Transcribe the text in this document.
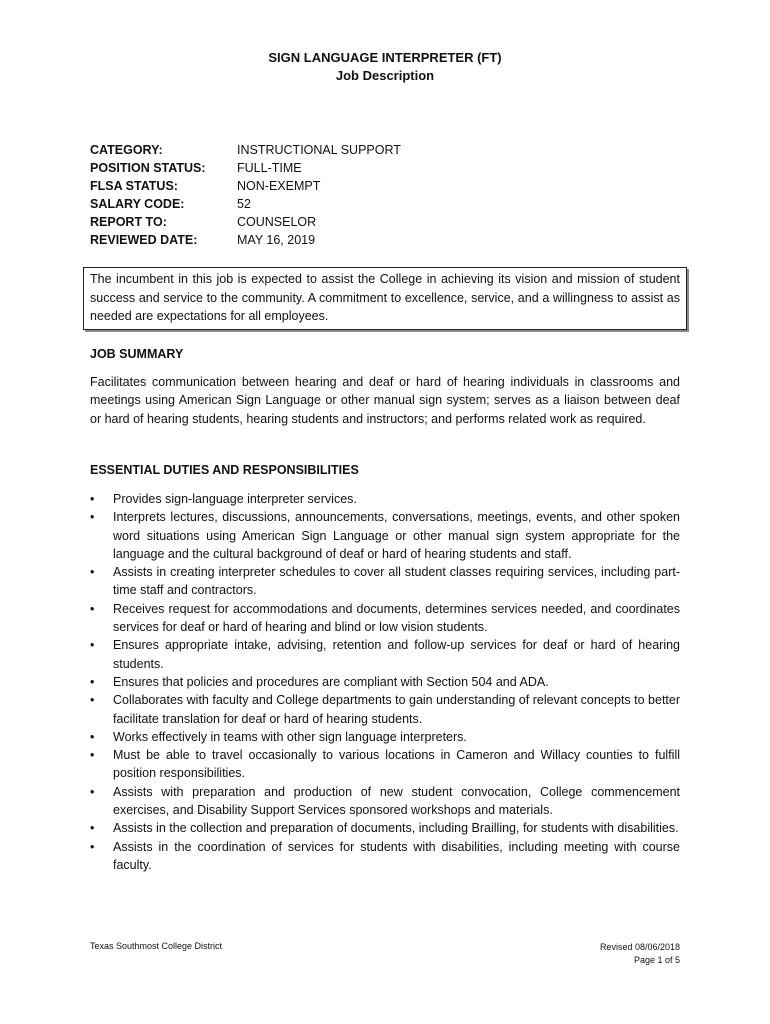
SIGN LANGUAGE INTERPRETER (FT)
Job Description
CATEGORY:	INSTRUCTIONAL SUPPORT
POSITION STATUS:	FULL-TIME
FLSA STATUS:	NON-EXEMPT
SALARY CODE:	52
REPORT TO:	COUNSELOR
REVIEWED DATE:	MAY 16, 2019
The incumbent in this job is expected to assist the College in achieving its vision and mission of student success and service to the community. A commitment to excellence, service, and a willingness to assist as needed are expectations for all employees.
JOB SUMMARY
Facilitates communication between hearing and deaf or hard of hearing individuals in classrooms and meetings using American Sign Language or other manual sign system; serves as a liaison between deaf or hard of hearing students, hearing students and instructors; and performs related work as required.
ESSENTIAL DUTIES AND RESPONSIBILITIES
• Provides sign-language interpreter services.
• Interprets lectures, discussions, announcements, conversations, meetings, events, and other spoken word situations using American Sign Language or other manual sign system appropriate for the language and the cultural background of deaf or hard of hearing students and staff.
• Assists in creating interpreter schedules to cover all student classes requiring services, including part-time staff and contractors.
• Receives request for accommodations and documents, determines services needed, and coordinates services for deaf or hard of hearing and blind or low vision students.
• Ensures appropriate intake, advising, retention and follow-up services for deaf or hard of hearing students.
• Ensures that policies and procedures are compliant with Section 504 and ADA.
• Collaborates with faculty and College departments to gain understanding of relevant concepts to better facilitate translation for deaf or hard of hearing students.
• Works effectively in teams with other sign language interpreters.
• Must be able to travel occasionally to various locations in Cameron and Willacy counties to fulfill position responsibilities.
• Assists with preparation and production of new student convocation, College commencement exercises, and Disability Support Services sponsored workshops and materials.
• Assists in the collection and preparation of documents, including Brailling, for students with disabilities.
• Assists in the coordination of services for students with disabilities, including meeting with course faculty.
Texas Southmost College District	Revised 08/06/2018
Page 1 of 5
